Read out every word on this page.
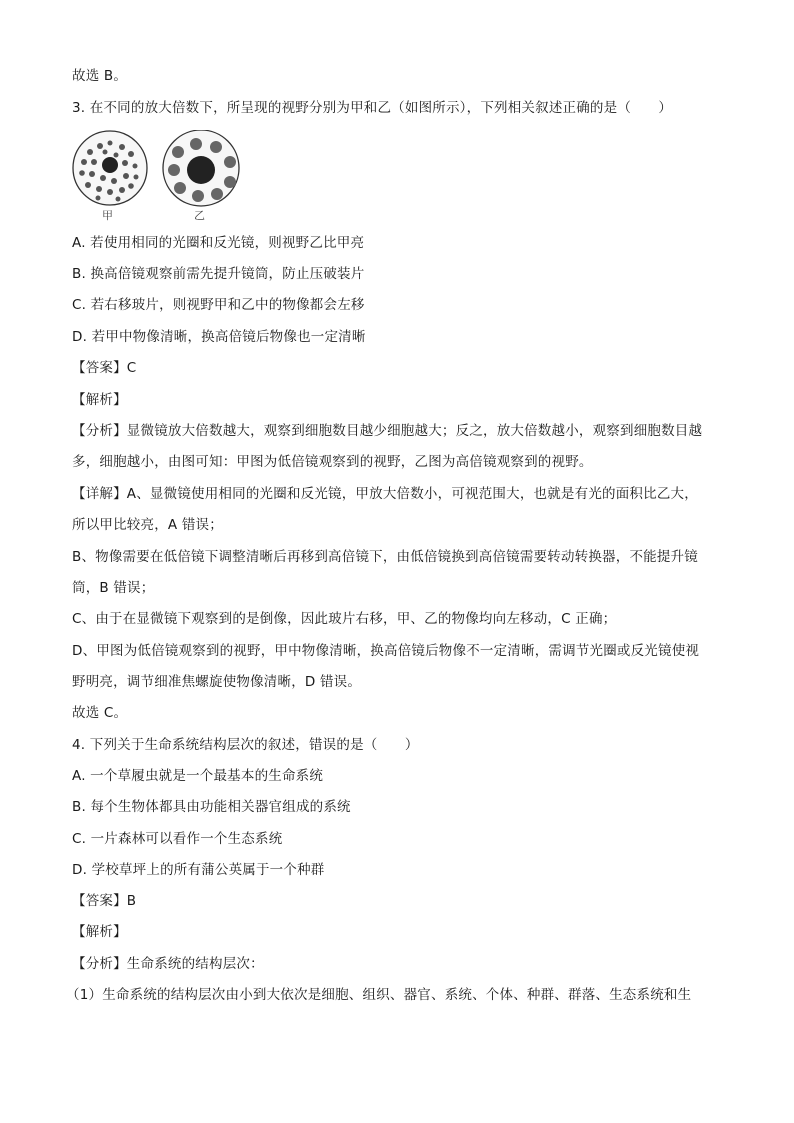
故选 B。
3. 在不同的放大倍数下，所呈现的视野分别为甲和乙（如图所示），下列相关叙述正确的是（　　）
甲	乙
A. 若使用相同的光圈和反光镜，则视野乙比甲亮
B. 换高倍镜观察前需先提升镜筒，防止压破装片
C. 若右移玻片，则视野甲和乙中的物像都会左移
D. 若甲中物像清晰，换高倍镜后物像也一定清晰
【答案】C
【解析】
【分析】显微镜放大倍数越大，观察到细胞数目越少细胞越大；反之，放大倍数越小，观察到细胞数目越
多，细胞越小，由图可知：甲图为低倍镜观察到的视野，乙图为高倍镜观察到的视野。
【详解】A、显微镜使用相同的光圈和反光镜，甲放大倍数小，可视范围大，也就是有光的面积比乙大，
所以甲比较亮，A 错误；
B、物像需要在低倍镜下调整清晰后再移到高倍镜下，由低倍镜换到高倍镜需要转动转换器，不能提升镜
筒，B 错误；
C、由于在显微镜下观察到的是倒像，因此玻片右移，甲、乙的物像均向左移动，C 正确；
D、甲图为低倍镜观察到的视野，甲中物像清晰，换高倍镜后物像不一定清晰，需调节光圈或反光镜使视
野明亮，调节细准焦螺旋使物像清晰，D 错误。
故选 C。
4. 下列关于生命系统结构层次的叙述，错误的是（　　）
A. 一个草履虫就是一个最基本的生命系统
B. 每个生物体都具由功能相关器官组成的系统
C. 一片森林可以看作一个生态系统
D. 学校草坪上的所有蒲公英属于一个种群
【答案】B
【解析】
【分析】生命系统的结构层次：
（1）生命系统的结构层次由小到大依次是细胞、组织、器官、系统、个体、种群、群落、生态系统和生
